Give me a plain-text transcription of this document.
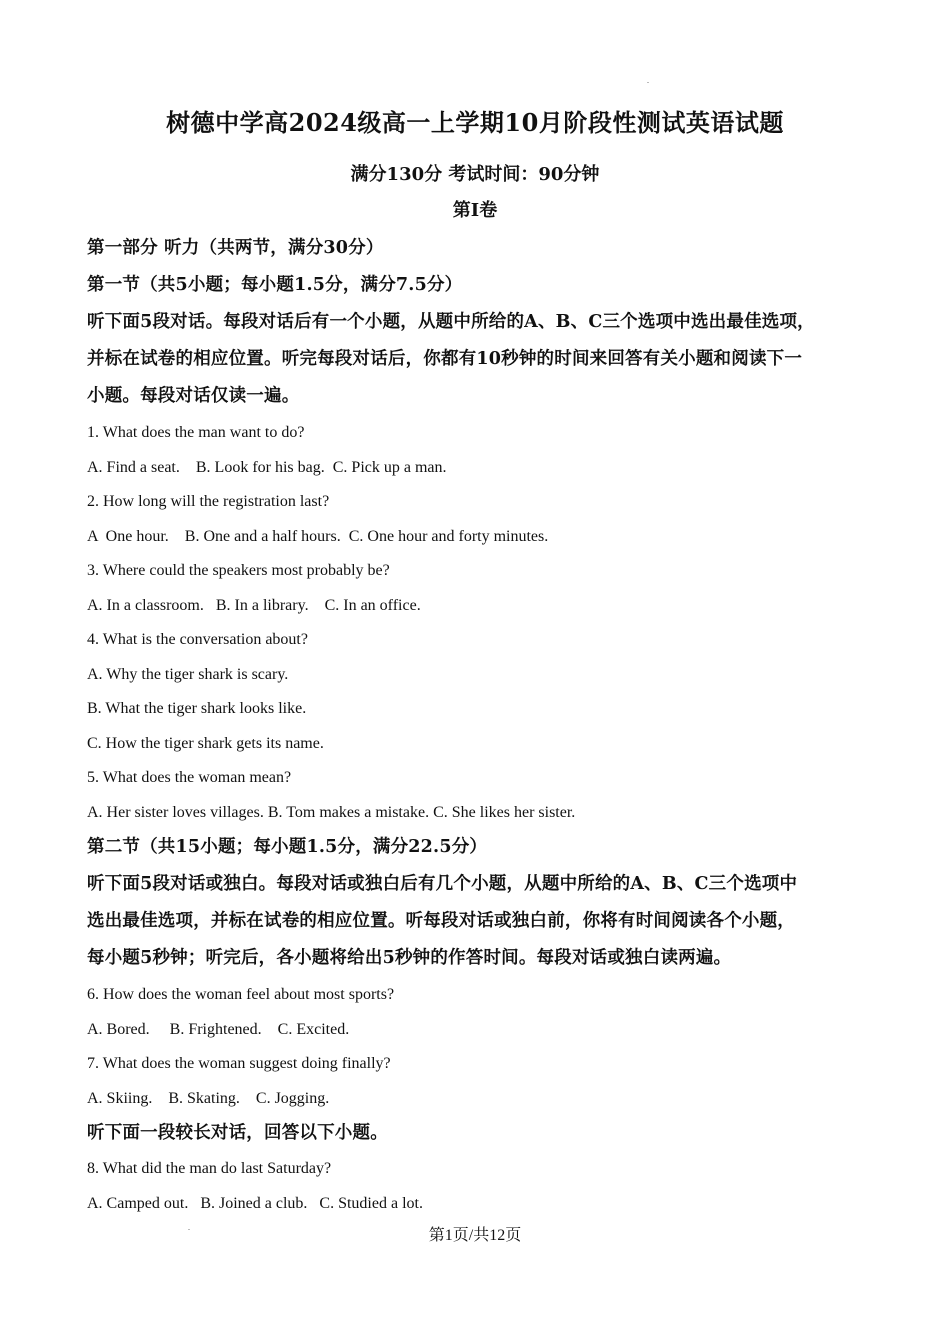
树德中学高2024级高一上学期10月阶段性测试英语试题
满分130分 考试时间：90分钟
第I卷
第一部分 听力（共两节，满分30分）
第一节（共5小题；每小题1.5分，满分7.5分）
听下面5段对话。每段对话后有一个小题，从题中所给的A、B、C三个选项中选出最佳选项，
并标在试卷的相应位置。听完每段对话后，你都有10秒钟的时间来回答有关小题和阅读下一
小题。每段对话仅读一遍。
1. What does the man want to do?
A. Find a seat.    B. Look for his bag.  C. Pick up a man.
2. How long will the registration last?
A  One hour.    B. One and a half hours.  C. One hour and forty minutes.
3. Where could the speakers most probably be?
A. In a classroom.   B. In a library.    C. In an office.
4. What is the conversation about?
A. Why the tiger shark is scary.
B. What the tiger shark looks like.
C. How the tiger shark gets its name.
5. What does the woman mean?
A. Her sister loves villages. B. Tom makes a mistake. C. She likes her sister.
第二节（共15小题；每小题1.5分，满分22.5分）
听下面5段对话或独白。每段对话或独白后有几个小题，从题中所给的A、B、C三个选项中
选出最佳选项，并标在试卷的相应位置。听每段对话或独白前，你将有时间阅读各个小题，
每小题5秒钟；听完后，各小题将给出5秒钟的作答时间。每段对话或独白读两遍。
6. How does the woman feel about most sports?
A. Bored.     B. Frightened.    C. Excited.
7. What does the woman suggest doing finally?
A. Skiing.    B. Skating.    C. Jogging.
听下面一段较长对话，回答以下小题。
8. What did the man do last Saturday?
A. Camped out.   B. Joined a club.   C. Studied a lot.
第1页/共12页
